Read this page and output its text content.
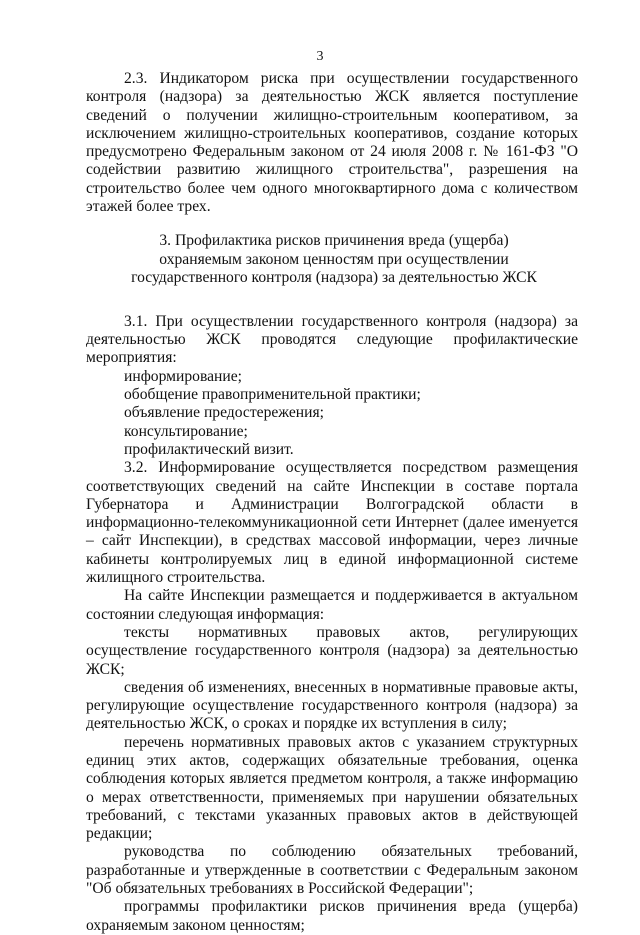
3

2.3. Индикатором риска при осуществлении государственного контроля (надзора) за деятельностью ЖСК является поступление сведений о получении жилищно-строительным кооперативом, за исключением жилищно-строительных кооперативов, создание которых предусмотрено Федеральным законом от 24 июля 2008 г. № 161-ФЗ "О содействии развитию жилищного строительства", разрешения на строительство более чем одного многоквартирного дома с количеством этажей более трех.

3. Профилактика рисков причинения вреда (ущерба) охраняемым законом ценностям при осуществлении государственного контроля (надзора) за деятельностью ЖСК

3.1. При осуществлении государственного контроля (надзора) за деятельностью ЖСК проводятся следующие профилактические мероприятия:

информирование;

обобщение правоприменительной практики;

объявление предостережения;

консультирование;

профилактический визит.

3.2. Информирование осуществляется посредством размещения соответствующих сведений на сайте Инспекции в составе портала Губернатора и Администрации Волгоградской области в информационно-телекоммуникационной сети Интернет (далее именуется – сайт Инспекции), в средствах массовой информации, через личные кабинеты контролируемых лиц в единой информационной системе жилищного строительства.

На сайте Инспекции размещается и поддерживается в актуальном состоянии следующая информация:

тексты нормативных правовых актов, регулирующих осуществление государственного контроля (надзора) за деятельностью ЖСК;

сведения об изменениях, внесенных в нормативные правовые акты, регулирующие осуществление государственного контроля (надзора) за деятельностью ЖСК, о сроках и порядке их вступления в силу;

перечень нормативных правовых актов с указанием структурных единиц этих актов, содержащих обязательные требования, оценка соблюдения которых является предметом контроля, а также информацию о мерах ответственности, применяемых при нарушении обязательных требований, с текстами указанных правовых актов в действующей редакции;

руководства по соблюдению обязательных требований, разработанные и утвержденные в соответствии с Федеральным законом "Об обязательных требованиях в Российской Федерации";

программы профилактики рисков причинения вреда (ущерба) охраняемым законом ценностям;
